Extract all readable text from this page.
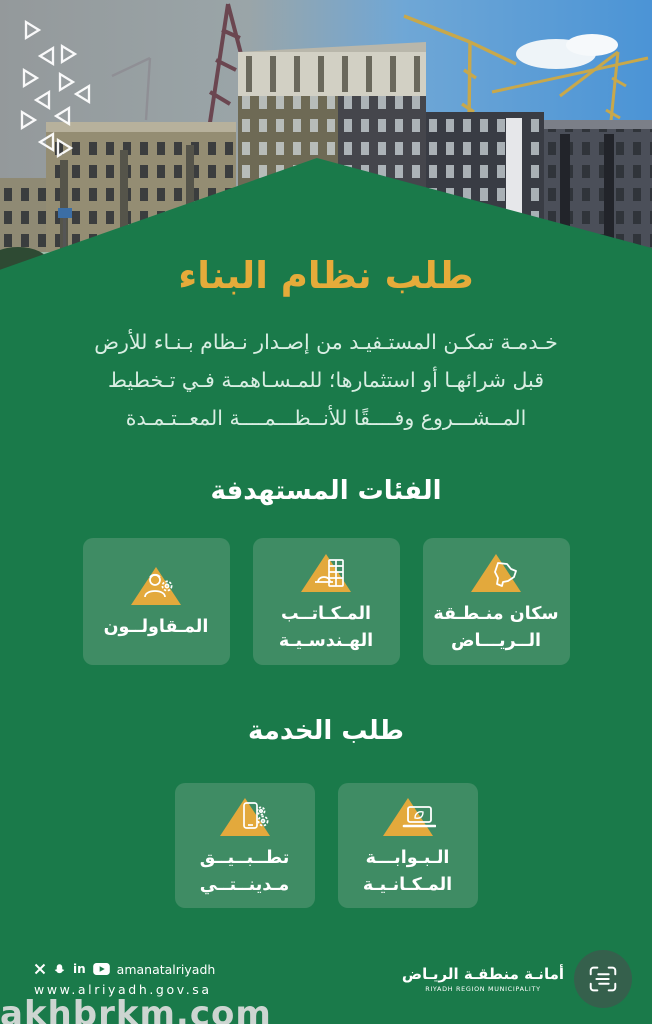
طلب نظام البناء
خـدمـة تمكـن المستـفيـد من إصـدار نـظام بـنـاء للأرض
قبل شرائهـا أو استثمارها؛ للمـسـاهمـة فـي تـخطيط
المــشـــروع وفــــقًا للأنــظـــمــــة المعــتـمـدة
الفئات المستهدفة
سكان منـطـقة
الــريـــاض
المـكـاتــب
الهـندسـيـة
المـقاولــون
طلب الخدمة
الـبـوابـــة
المـكـانـيـة
تطــبــيــق
مـدينــتــي
in amanatalriyadh
www.alriyadh.gov.sa
أمانـة منطقـة الريـاض
RIYADH REGION MUNICIPALITY
akhbrkm.com
